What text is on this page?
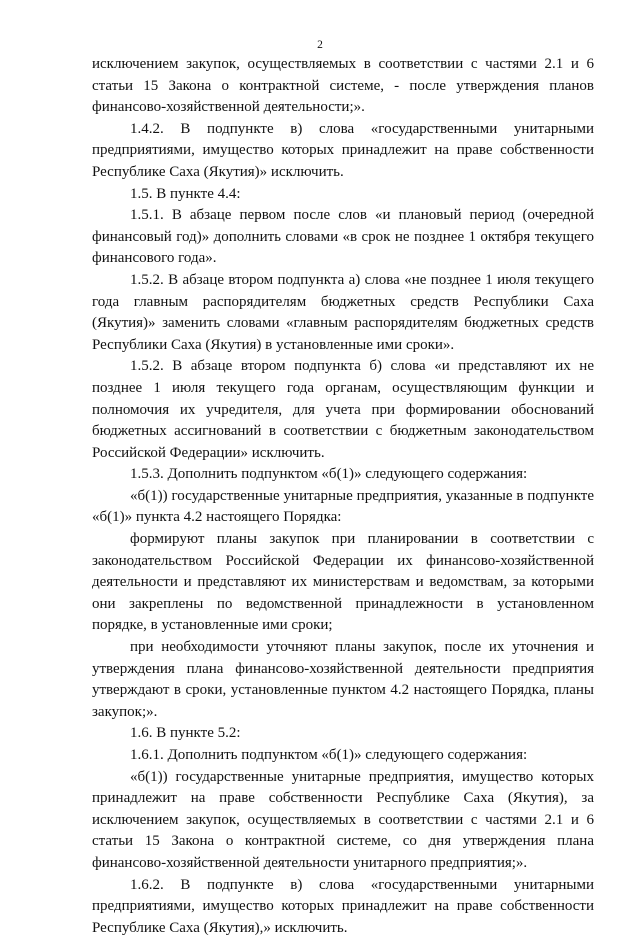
2

исключением закупок, осуществляемых в соответствии с частями 2.1 и 6 статьи 15 Закона о контрактной системе, - после утверждения планов финансово-хозяйственной деятельности;».

1.4.2. В подпункте в) слова «государственными унитарными предприятиями, имущество которых принадлежит на праве собственности Республике Саха (Якутия)» исключить.

1.5. В пункте 4.4:

1.5.1. В абзаце первом после слов «и плановый период (очередной финансовый год)» дополнить словами «в срок не позднее 1 октября текущего финансового года».

1.5.2. В абзаце втором подпункта а) слова «не позднее 1 июля текущего года главным распорядителям бюджетных средств Республики Саха (Якутия)» заменить словами «главным распорядителям бюджетных средств Республики Саха (Якутия) в установленные ими сроки».

1.5.2. В абзаце втором подпункта б) слова «и представляют их не позднее 1 июля текущего года органам, осуществляющим функции и полномочия их учредителя, для учета при формировании обоснований бюджетных ассигнований в соответствии с бюджетным законодательством Российской Федерации» исключить.

1.5.3. Дополнить подпунктом «б(1)» следующего содержания:

«б(1)) государственные унитарные предприятия, указанные в подпункте «б(1)» пункта 4.2 настоящего Порядка:

формируют планы закупок при планировании в соответствии с законодательством Российской Федерации их финансово-хозяйственной деятельности и представляют их министерствам и ведомствам, за которыми они закреплены по ведомственной принадлежности в установленном порядке, в установленные ими сроки;

при необходимости уточняют планы закупок, после их уточнения и утверждения плана финансово-хозяйственной деятельности предприятия утверждают в сроки, установленные пунктом 4.2 настоящего Порядка, планы закупок;».

1.6. В пункте 5.2:

1.6.1. Дополнить подпунктом «б(1)» следующего содержания:

«б(1)) государственные унитарные предприятия, имущество которых принадлежит на праве собственности Республике Саха (Якутия), за исключением закупок, осуществляемых в соответствии с частями 2.1 и 6 статьи 15 Закона о контрактной системе, со дня утверждения плана финансово-хозяйственной деятельности унитарного предприятия;».

1.6.2. В подпункте в) слова «государственными унитарными предприятиями, имущество которых принадлежит на праве собственности Республике Саха (Якутия),» исключить.
